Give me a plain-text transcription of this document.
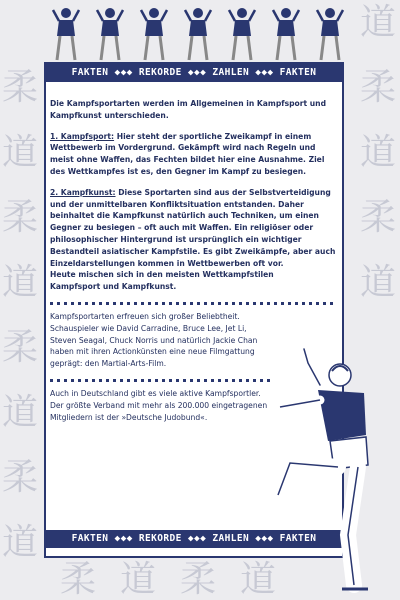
柔
道
柔
道
柔
道
柔
道
道
柔
道
柔
道
柔 道 柔 道
FAKTEN ◆◆◆ REKORDE ◆◆◆ ZAHLEN ◆◆◆ FAKTEN
FAKTEN ◆◆◆ REKORDE ◆◆◆ ZAHLEN ◆◆◆ FAKTEN

Die Kampfsportarten werden im Allgemeinen in Kampfsport und Kampfkunst unterschieden.

1. Kampfsport: Hier steht der sportliche Zweikampf in einem Wettbewerb im Vordergrund. Gekämpft wird nach Regeln und meist ohne Waffen, das Fechten bildet hier eine Ausnahme. Ziel des Wettkampfes ist es, den Gegner im Kampf zu besiegen.

2. Kampfkunst: Diese Sportarten sind aus der Selbstverteidigung und der unmittelbaren Konfliktsituation entstanden. Daher beinhaltet die Kampfkunst natürlich auch Techniken, um einen Gegner zu besiegen – oft auch mit Waffen. Ein religiöser oder philosophischer Hintergrund ist ursprünglich ein wichtiger Bestandteil asiatischer Kampfstile. Es gibt Zweikämpfe, aber auch Einzeldarstellungen kommen in Wettbewerben oft vor.

Heute mischen sich in den meisten Wettkampfstilen Kampfsport und Kampfkunst.

Kampfsportarten erfreuen sich großer Beliebtheit. Schauspieler wie David Carradine, Bruce Lee, Jet Li, Steven Seagal, Chuck Norris und natürlich Jackie Chan haben mit ihren Actionkünsten eine neue Filmgattung geprägt: den Martial-Arts-Film.

Auch in Deutschland gibt es viele aktive Kampfsportler. Der größte Verband mit mehr als 200.000 eingetragenen Mitgliedern ist der »Deutsche Judobund«.
